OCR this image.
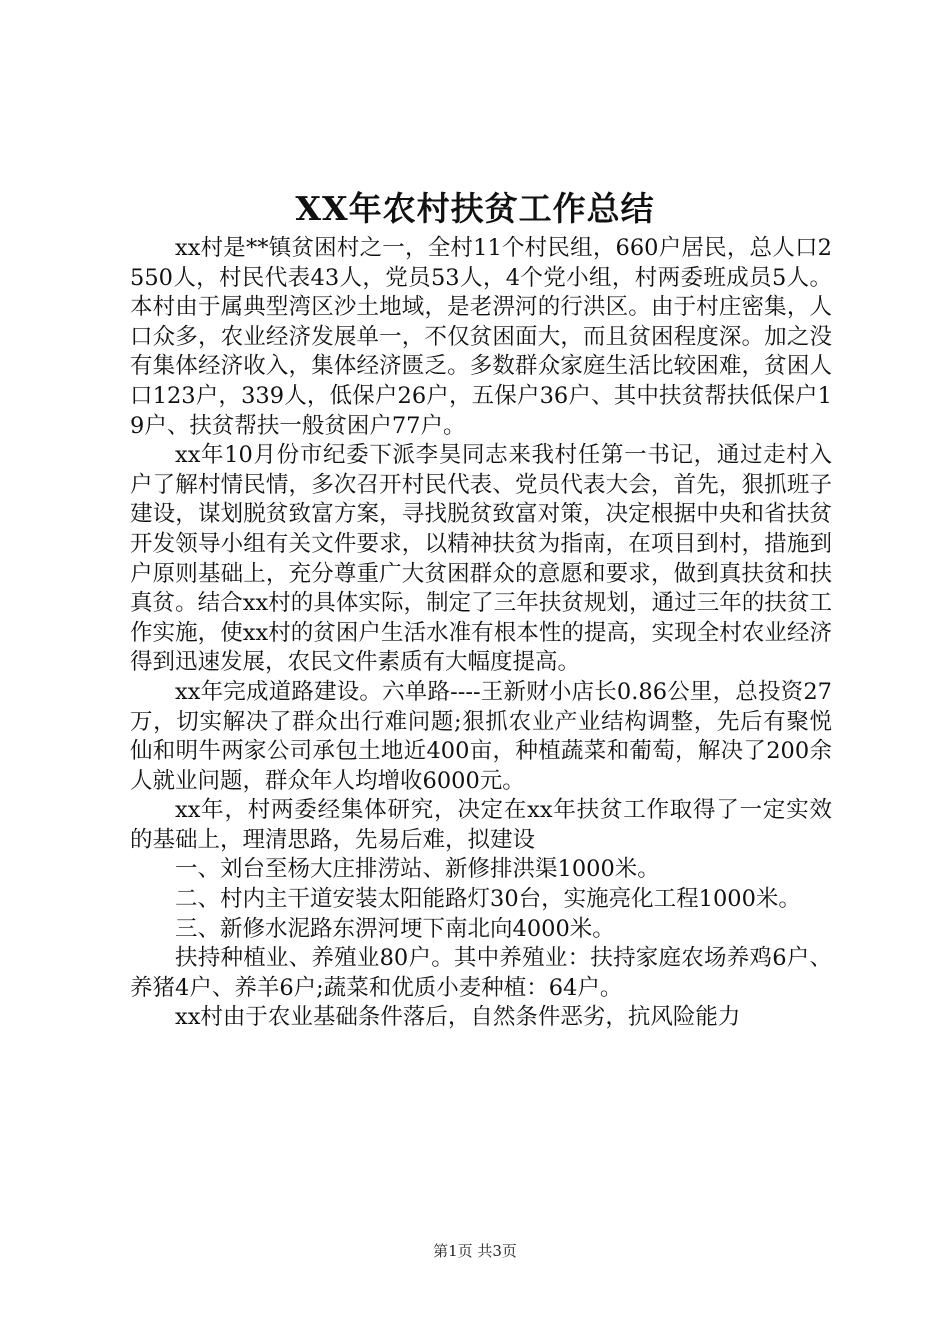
XX年农村扶贫工作总结

xx村是**镇贫困村之一，全村11个村民组，660户居民，总人口2550人，村民代表43人，党员53人，4个党小组，村两委班成员5人。本村由于属典型湾区沙土地域，是老淠河的行洪区。由于村庄密集，人口众多，农业经济发展单一，不仅贫困面大，而且贫困程度深。加之没有集体经济收入，集体经济匮乏。多数群众家庭生活比较困难，贫困人口123户，339人，低保户26户，五保户36户、其中扶贫帮扶低保户19户、扶贫帮扶一般贫困户77户。

xx年10月份市纪委下派李昊同志来我村任第一书记，通过走村入户了解村情民情，多次召开村民代表、党员代表大会，首先，狠抓班子建设，谋划脱贫致富方案，寻找脱贫致富对策，决定根据中央和省扶贫开发领导小组有关文件要求，以精神扶贫为指南，在项目到村，措施到户原则基础上，充分尊重广大贫困群众的意愿和要求，做到真扶贫和扶真贫。结合xx村的具体实际，制定了三年扶贫规划，通过三年的扶贫工作实施，使xx村的贫困户生活水准有根本性的提高，实现全村农业经济得到迅速发展，农民文件素质有大幅度提高。

xx年完成道路建设。六单路----王新财小店长0.86公里，总投资27万，切实解决了群众出行难问题;狠抓农业产业结构调整，先后有聚悦仙和明牛两家公司承包土地近400亩，种植蔬菜和葡萄，解决了200余人就业问题，群众年人均增收6000元。

xx年，村两委经集体研究，决定在xx年扶贫工作取得了一定实效的基础上，理清思路，先易后难，拟建设

一、刘台至杨大庄排涝站、新修排洪渠1000米。

二、村内主干道安装太阳能路灯30台，实施亮化工程1000米。

三、新修水泥路东淠河埂下南北向4000米。

扶持种植业、养殖业80户。其中养殖业：扶持家庭农场养鸡6户、养猪4户、养羊6户;蔬菜和优质小麦种植：64户。

xx村由于农业基础条件落后，自然条件恶劣，抗风险能力

第1页 共3页
